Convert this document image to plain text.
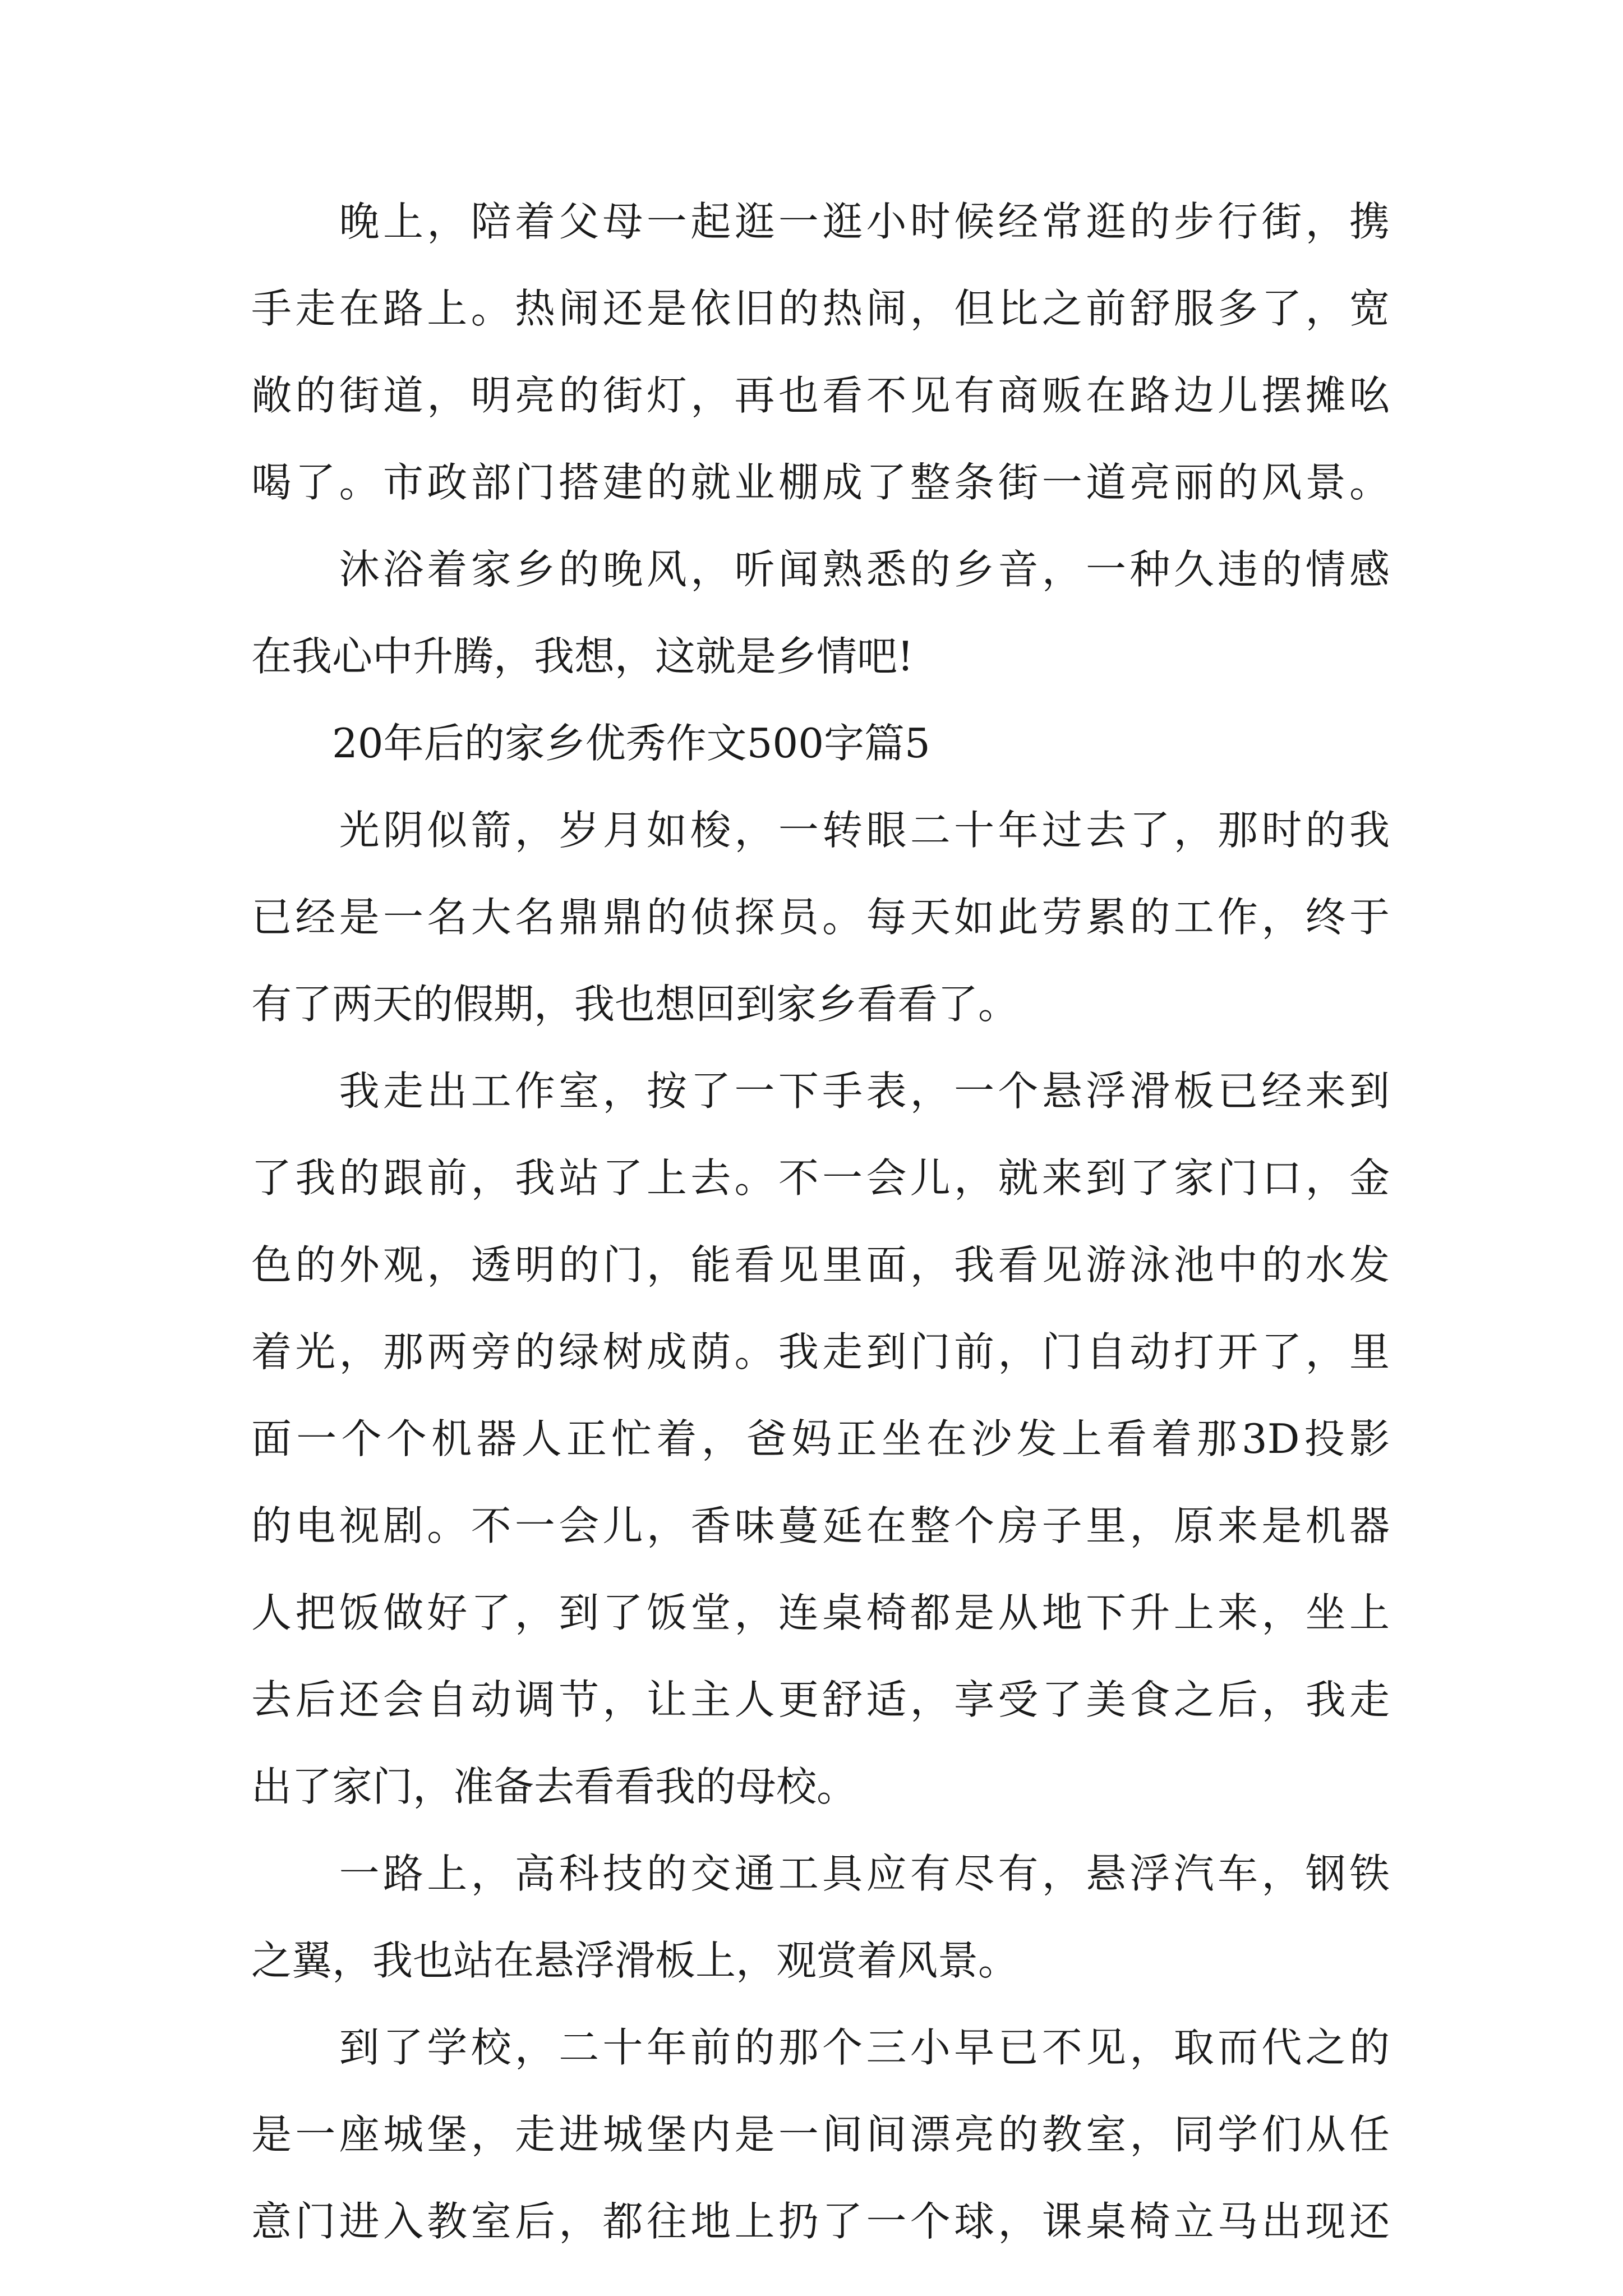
　　晚上，陪着父母一起逛一逛小时候经常逛的步行街，携
手走在路上。热闹还是依旧的热闹，但比之前舒服多了，宽
敞的街道，明亮的街灯，再也看不见有商贩在路边儿摆摊吆
喝了。市政部门搭建的就业棚成了整条街一道亮丽的风景。
　　沐浴着家乡的晚风，听闻熟悉的乡音，一种久违的情感
在我心中升腾，我想，这就是乡情吧!
　　20年后的家乡优秀作文500字篇5
　　光阴似箭，岁月如梭，一转眼二十年过去了，那时的我
已经是一名大名鼎鼎的侦探员。每天如此劳累的工作，终于
有了两天的假期，我也想回到家乡看看了。
　　我走出工作室，按了一下手表，一个悬浮滑板已经来到
了我的跟前，我站了上去。不一会儿，就来到了家门口，金
色的外观，透明的门，能看见里面，我看见游泳池中的水发
着光，那两旁的绿树成荫。我走到门前，门自动打开了，里
面一个个机器人正忙着，爸妈正坐在沙发上看着那3D投影
的电视剧。不一会儿，香味蔓延在整个房子里，原来是机器
人把饭做好了，到了饭堂，连桌椅都是从地下升上来，坐上
去后还会自动调节，让主人更舒适，享受了美食之后，我走
出了家门，准备去看看我的母校。
　　一路上，高科技的交通工具应有尽有，悬浮汽车，钢铁
之翼，我也站在悬浮滑板上，观赏着风景。
　　到了学校，二十年前的那个三小早已不见，取而代之的
是一座城堡，走进城堡内是一间间漂亮的教室，同学们从任
意门进入教室后，都往地上扔了一个球，课桌椅立马出现还
